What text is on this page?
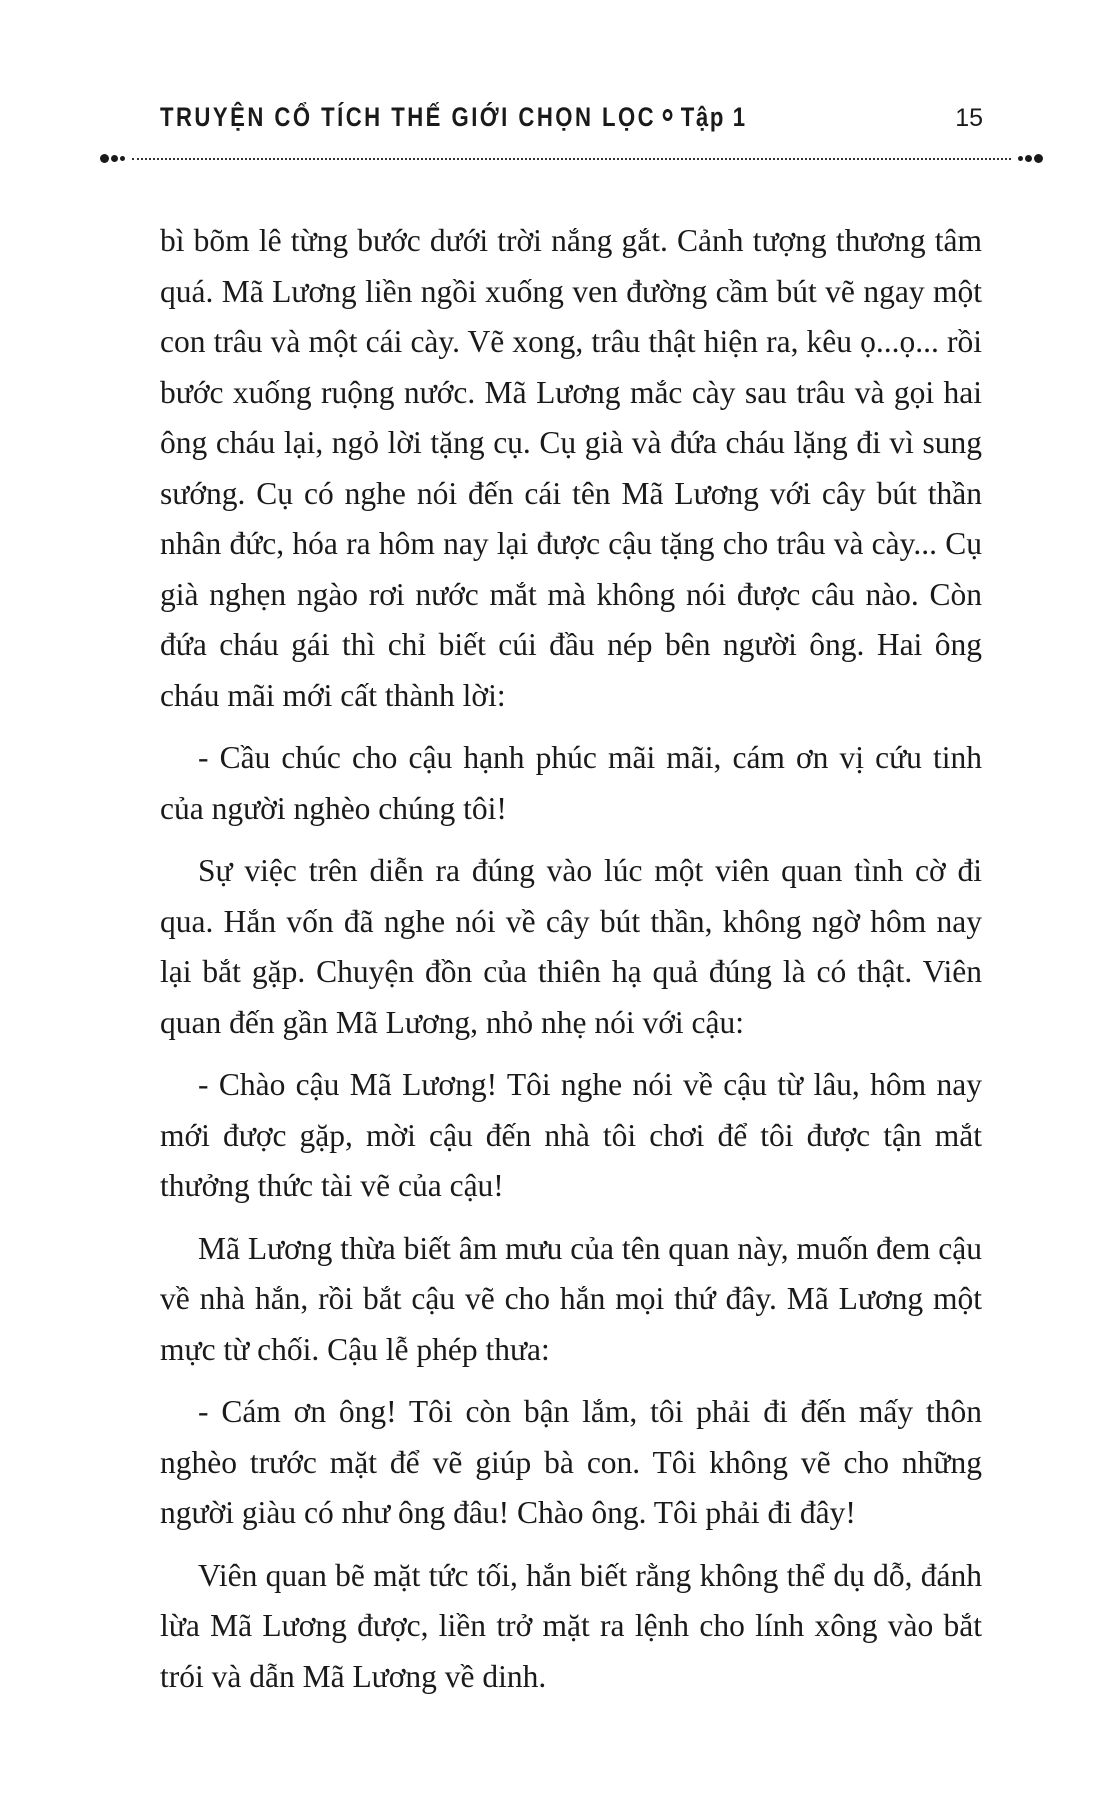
TRUYỆN CỔ TÍCH THẾ GIỚI CHỌN LỌC Tập 1	15

bì bõm lê từng bước dưới trời nắng gắt. Cảnh tượng thương tâm quá. Mã Lương liền ngồi xuống ven đường cầm bút vẽ ngay một con trâu và một cái cày. Vẽ xong, trâu thật hiện ra, kêu ọ...ọ... rồi bước xuống ruộng nước. Mã Lương mắc cày sau trâu và gọi hai ông cháu lại, ngỏ lời tặng cụ. Cụ già và đứa cháu lặng đi vì sung sướng. Cụ có nghe nói đến cái tên Mã Lương với cây bút thần nhân đức, hóa ra hôm nay lại được cậu tặng cho trâu và cày... Cụ già nghẹn ngào rơi nước mắt mà không nói được câu nào. Còn đứa cháu gái thì chỉ biết cúi đầu nép bên người ông. Hai ông cháu mãi mới cất thành lời:

- Cầu chúc cho cậu hạnh phúc mãi mãi, cám ơn vị cứu tinh của người nghèo chúng tôi!

Sự việc trên diễn ra đúng vào lúc một viên quan tình cờ đi qua. Hắn vốn đã nghe nói về cây bút thần, không ngờ hôm nay lại bắt gặp. Chuyện đồn của thiên hạ quả đúng là có thật. Viên quan đến gần Mã Lương, nhỏ nhẹ nói với cậu:

- Chào cậu Mã Lương! Tôi nghe nói về cậu từ lâu, hôm nay mới được gặp, mời cậu đến nhà tôi chơi để tôi được tận mắt thưởng thức tài vẽ của cậu!

Mã Lương thừa biết âm mưu của tên quan này, muốn đem cậu về nhà hắn, rồi bắt cậu vẽ cho hắn mọi thứ đây. Mã Lương một mực từ chối. Cậu lễ phép thưa:

- Cám ơn ông! Tôi còn bận lắm, tôi phải đi đến mấy thôn nghèo trước mặt để vẽ giúp bà con. Tôi không vẽ cho những người giàu có như ông đâu! Chào ông. Tôi phải đi đây!

Viên quan bẽ mặt tức tối, hắn biết rằng không thể dụ dỗ, đánh lừa Mã Lương được, liền trở mặt ra lệnh cho lính xông vào bắt trói và dẫn Mã Lương về dinh.
